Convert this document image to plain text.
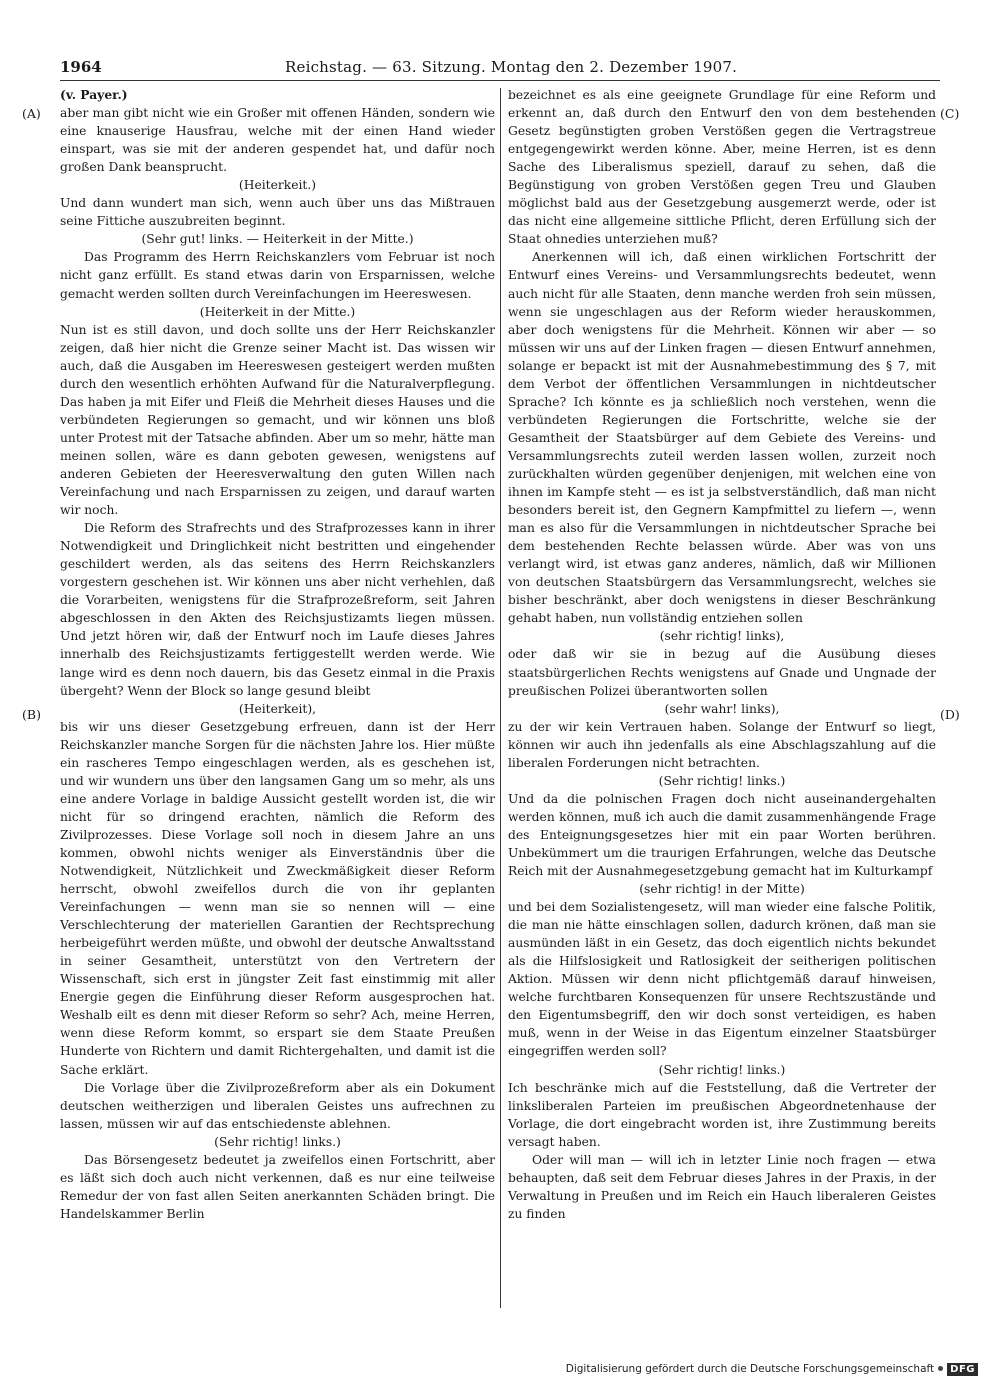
1964	Reichstag. — 63. Sitzung. Montag den 2. Dezember 1907.
(A)
(B)
(C)
(D)

(v. Payer.)

aber man gibt nicht wie ein Großer mit offenen Händen, sondern wie eine knauserige Hausfrau, welche mit der einen Hand wieder einspart, was sie mit der anderen gespendet hat, und dafür noch großen Dank beansprucht.

(Heiterkeit.)

Und dann wundert man sich, wenn auch über uns das Mißtrauen seine Fittiche auszubreiten beginnt.

(Sehr gut! links. — Heiterkeit in der Mitte.)

Das Programm des Herrn Reichskanzlers vom Februar ist noch nicht ganz erfüllt. Es stand etwas darin von Ersparnissen, welche gemacht werden sollten durch Vereinfachungen im Heereswesen.

(Heiterkeit in der Mitte.)

Nun ist es still davon, und doch sollte uns der Herr Reichskanzler zeigen, daß hier nicht die Grenze seiner Macht ist. Das wissen wir auch, daß die Ausgaben im Heereswesen gesteigert werden mußten durch den wesentlich erhöhten Aufwand für die Naturalverpflegung. Das haben ja mit Eifer und Fleiß die Mehrheit dieses Hauses und die verbündeten Regierungen so gemacht, und wir können uns bloß unter Protest mit der Tatsache abfinden. Aber um so mehr, hätte man meinen sollen, wäre es dann geboten gewesen, wenigstens auf anderen Gebieten der Heeresverwaltung den guten Willen nach Vereinfachung und nach Ersparnissen zu zeigen, und darauf warten wir noch.

Die Reform des Strafrechts und des Strafprozesses kann in ihrer Notwendigkeit und Dringlichkeit nicht bestritten und eingehender geschildert werden, als das seitens des Herrn Reichskanzlers vorgestern geschehen ist. Wir können uns aber nicht verhehlen, daß die Vorarbeiten, wenigstens für die Strafprozeßreform, seit Jahren abgeschlossen in den Akten des Reichsjustizamts liegen müssen. Und jetzt hören wir, daß der Entwurf noch im Laufe dieses Jahres innerhalb des Reichsjustizamts fertiggestellt werden werde. Wie lange wird es denn noch dauern, bis das Gesetz einmal in die Praxis übergeht? Wenn der Block so lange gesund bleibt

(Heiterkeit),

bis wir uns dieser Gesetzgebung erfreuen, dann ist der Herr Reichskanzler manche Sorgen für die nächsten Jahre los. Hier müßte ein rascheres Tempo eingeschlagen werden, als es geschehen ist, und wir wundern uns über den langsamen Gang um so mehr, als uns eine andere Vorlage in baldige Aussicht gestellt worden ist, die wir nicht für so dringend erachten, nämlich die Reform des Zivilprozesses. Diese Vorlage soll noch in diesem Jahre an uns kommen, obwohl nichts weniger als Einverständnis über die Notwendigkeit, Nützlichkeit und Zweckmäßigkeit dieser Reform herrscht, obwohl zweifellos durch die von ihr geplanten Vereinfachungen — wenn man sie so nennen will — eine Verschlechterung der materiellen Garantien der Rechtsprechung herbeigeführt werden müßte, und obwohl der deutsche Anwaltsstand in seiner Gesamtheit, unterstützt von den Vertretern der Wissenschaft, sich erst in jüngster Zeit fast einstimmig mit aller Energie gegen die Einführung dieser Reform ausgesprochen hat. Weshalb eilt es denn mit dieser Reform so sehr? Ach, meine Herren, wenn diese Reform kommt, so erspart sie dem Staate Preußen Hunderte von Richtern und damit Richtergehalten, und damit ist die Sache erklärt.

Die Vorlage über die Zivilprozeßreform aber als ein Dokument deutschen weitherzigen und liberalen Geistes uns aufrechnen zu lassen, müssen wir auf das entschiedenste ablehnen.

(Sehr richtig! links.)

Das Börsengesetz bedeutet ja zweifellos einen Fortschritt, aber es läßt sich doch auch nicht verkennen, daß es nur eine teilweise Remedur der von fast allen Seiten anerkannten Schäden bringt. Die Handelskammer Berlin

bezeichnet es als eine geeignete Grundlage für eine Reform und erkennt an, daß durch den Entwurf den von dem bestehenden Gesetz begünstigten groben Verstößen gegen die Vertragstreue entgegengewirkt werden könne. Aber, meine Herren, ist es denn Sache des Liberalismus speziell, darauf zu sehen, daß die Begünstigung von groben Verstößen gegen Treu und Glauben möglichst bald aus der Gesetzgebung ausgemerzt werde, oder ist das nicht eine allgemeine sittliche Pflicht, deren Erfüllung sich der Staat ohnedies unterziehen muß?

Anerkennen will ich, daß einen wirklichen Fortschritt der Entwurf eines Vereins- und Versammlungsrechts bedeutet, wenn auch nicht für alle Staaten, denn manche werden froh sein müssen, wenn sie ungeschlagen aus der Reform wieder herauskommen, aber doch wenigstens für die Mehrheit. Können wir aber — so müssen wir uns auf der Linken fragen — diesen Entwurf annehmen, solange er bepackt ist mit der Ausnahmebestimmung des § 7, mit dem Verbot der öffentlichen Versammlungen in nichtdeutscher Sprache? Ich könnte es ja schließlich noch verstehen, wenn die verbündeten Regierungen die Fortschritte, welche sie der Gesamtheit der Staatsbürger auf dem Gebiete des Vereins- und Versammlungsrechts zuteil werden lassen wollen, zurzeit noch zurückhalten würden gegenüber denjenigen, mit welchen eine von ihnen im Kampfe steht — es ist ja selbstverständlich, daß man nicht besonders bereit ist, den Gegnern Kampfmittel zu liefern —, wenn man es also für die Versammlungen in nichtdeutscher Sprache bei dem bestehenden Rechte belassen würde. Aber was von uns verlangt wird, ist etwas ganz anderes, nämlich, daß wir Millionen von deutschen Staatsbürgern das Versammlungsrecht, welches sie bisher beschränkt, aber doch wenigstens in dieser Beschränkung gehabt haben, nun vollständig entziehen sollen

(sehr richtig! links),

oder daß wir sie in bezug auf die Ausübung dieses staatsbürgerlichen Rechts wenigstens auf Gnade und Ungnade der preußischen Polizei überantworten sollen

(sehr wahr! links),

zu der wir kein Vertrauen haben. Solange der Entwurf so liegt, können wir auch ihn jedenfalls als eine Abschlagszahlung auf die liberalen Forderungen nicht betrachten.

(Sehr richtig! links.)

Und da die polnischen Fragen doch nicht auseinandergehalten werden können, muß ich auch die damit zusammenhängende Frage des Enteignungsgesetzes hier mit ein paar Worten berühren. Unbekümmert um die traurigen Erfahrungen, welche das Deutsche Reich mit der Ausnahmegesetzgebung gemacht hat im Kulturkampf

(sehr richtig! in der Mitte)

und bei dem Sozialistengesetz, will man wieder eine falsche Politik, die man nie hätte einschlagen sollen, dadurch krönen, daß man sie ausmünden läßt in ein Gesetz, das doch eigentlich nichts bekundet als die Hilfslosigkeit und Ratlosigkeit der seitherigen politischen Aktion. Müssen wir denn nicht pflichtgemäß darauf hinweisen, welche furchtbaren Konsequenzen für unsere Rechtszustände und den Eigentumsbegriff, den wir doch sonst verteidigen, es haben muß, wenn in der Weise in das Eigentum einzelner Staatsbürger eingegriffen werden soll?

(Sehr richtig! links.)

Ich beschränke mich auf die Feststellung, daß die Vertreter der linksliberalen Parteien im preußischen Abgeordnetenhause der Vorlage, die dort eingebracht worden ist, ihre Zustimmung bereits versagt haben.

Oder will man — will ich in letzter Linie noch fragen — etwa behaupten, daß seit dem Februar dieses Jahres in der Praxis, in der Verwaltung in Preußen und im Reich ein Hauch liberaleren Geistes zu finden

Digitalisierung gefördert durch die Deutsche Forschungsgemeinschaft DFG
